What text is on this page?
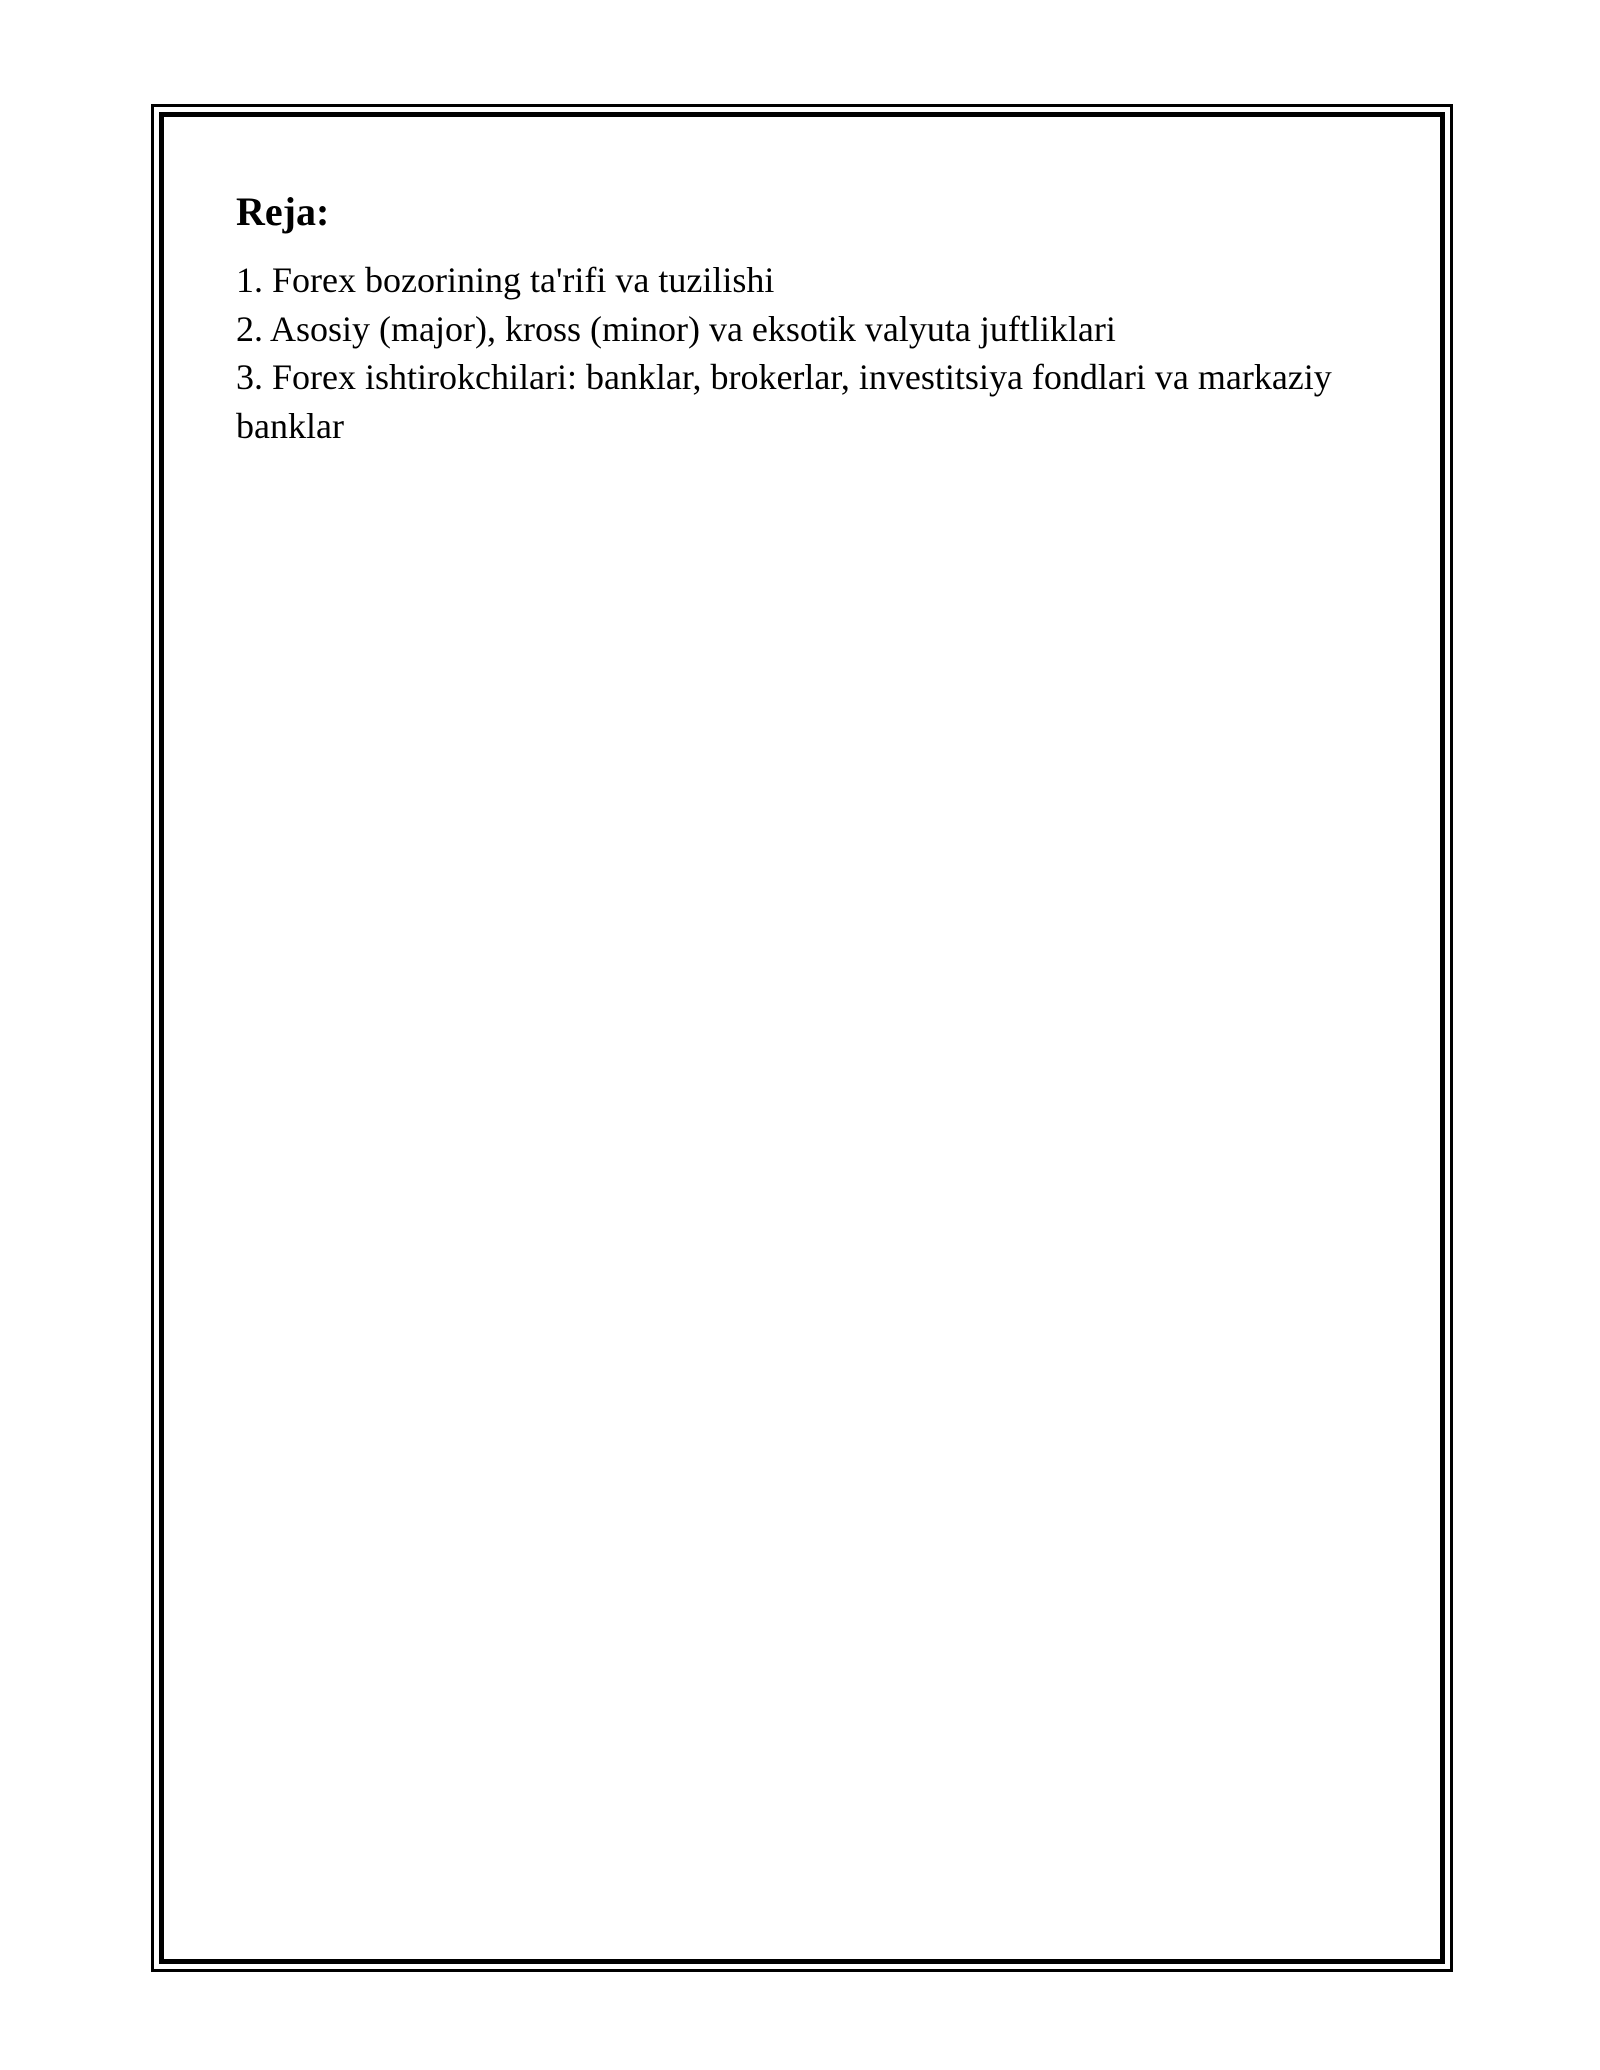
Reja:
1. Forex bozorining ta'rifi va tuzilishi
2. Asosiy (major), kross (minor) va eksotik valyuta juftliklari
3. Forex ishtirokchilari: banklar, brokerlar, investitsiya fondlari va markaziy banklar
